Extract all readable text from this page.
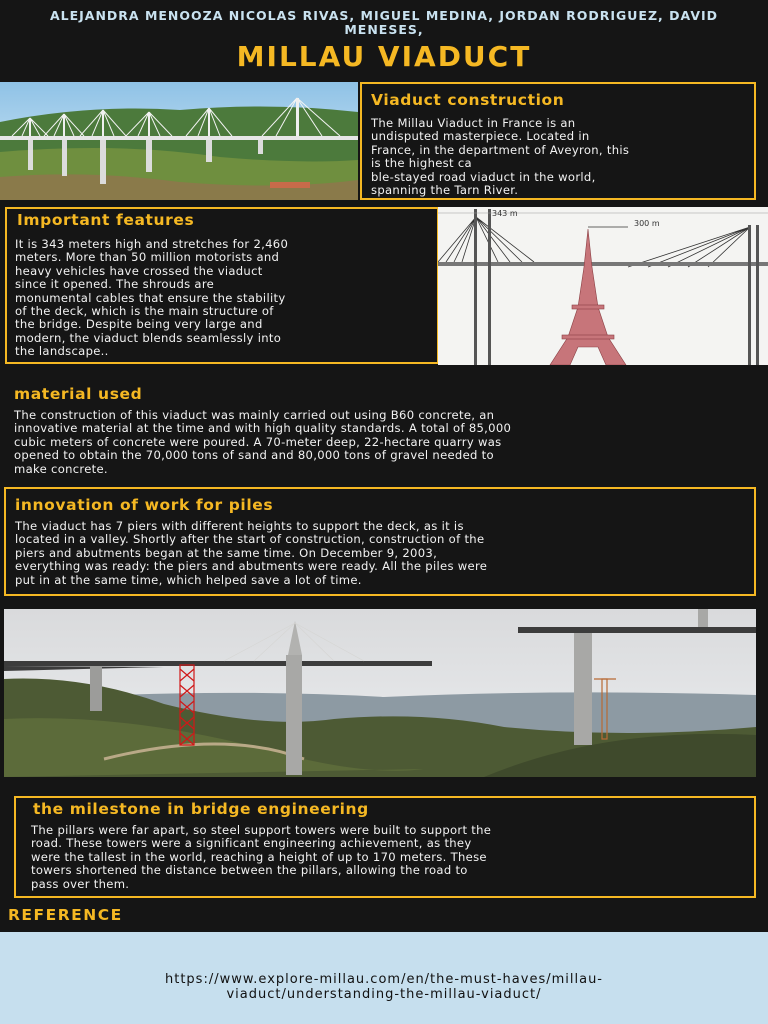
ALEJANDRA MENOOZA NICOLAS RIVAS, MIGUEL MEDINA, JORDAN RODRIGUEZ, DAVID MENESES,
MILLAU VIADUCT
Viaduct construction
The Millau Viaduct in France is an
undisputed masterpiece. Located in
France, in the department of Aveyron, this
is the highest ca
ble-stayed road viaduct in the world,
spanning the Tarn River.
Important features
It is 343 meters high and stretches for 2,460
meters. More than 50 million motorists and
heavy vehicles have crossed the viaduct
since it opened. The shrouds are
monumental cables that ensure the stability
of the deck, which is the main structure of
the bridge. Despite being very large and
modern, the viaduct blends seamlessly into
the landscape..
343 m
300 m
material used
The construction of this viaduct was mainly carried out using B60 concrete, an
innovative material at the time and with high quality standards. A total of 85,000
cubic meters of concrete were poured. A 70-meter deep, 22-hectare quarry was
opened to obtain the 70,000 tons of sand and 80,000 tons of gravel needed to
make concrete.
innovation of work for piles
The viaduct has 7 piers with different heights to support the deck, as it is
located in a valley. Shortly after the start of construction, construction of the
piers and abutments began at the same time. On December 9, 2003,
everything was ready: the piers and abutments were ready. All the piles were
put in at the same time, which helped save a lot of time.
the milestone in bridge engineering
The pillars were far apart, so steel support towers were built to support the
road. These towers were a significant engineering achievement, as they
were the tallest in the world, reaching a height of up to 170 meters. These
towers shortened the distance between the pillars, allowing the road to
pass over them.
REFERENCE
https://www.explore-millau.com/en/the-must-haves/millau-
viaduct/understanding-the-millau-viaduct/
